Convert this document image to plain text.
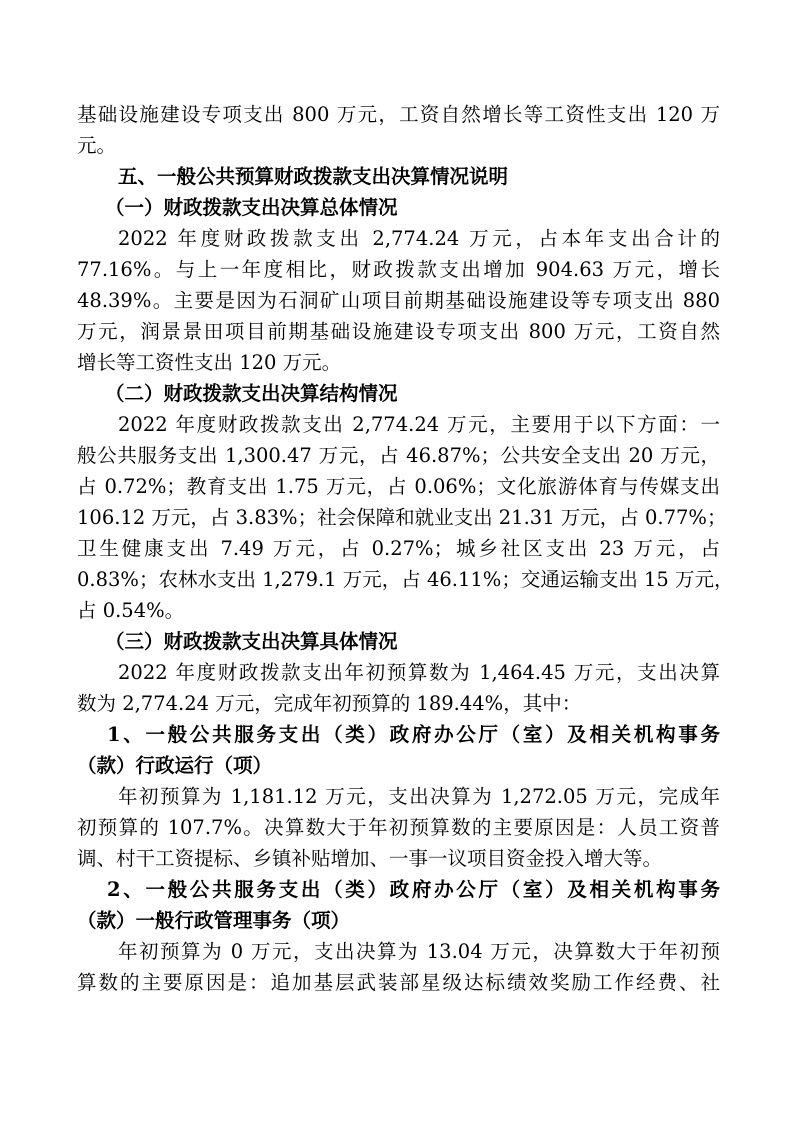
基础设施建设专项支出 800 万元，工资自然增长等工资性支出 120 万
元。
五、一般公共预算财政拨款支出决算情况说明
（一）财政拨款支出决算总体情况
2022 年度财政拨款支出 2,774.24 万元，占本年支出合计的
77.16%。与上一年度相比，财政拨款支出增加 904.63 万元，增长
48.39%。主要是因为石洞矿山项目前期基础设施建设等专项支出 880
万元，润景景田项目前期基础设施建设专项支出 800 万元，工资自然
增长等工资性支出 120 万元。
（二）财政拨款支出决算结构情况
2022 年度财政拨款支出 2,774.24 万元，主要用于以下方面：一
般公共服务支出 1,300.47 万元，占 46.87%；公共安全支出 20 万元，
占 0.72%；教育支出 1.75 万元，占 0.06%；文化旅游体育与传媒支出
106.12 万元，占 3.83%；社会保障和就业支出 21.31 万元，占 0.77%；
卫生健康支出 7.49 万元，占 0.27%；城乡社区支出 23 万元，占
0.83%；农林水支出 1,279.1 万元，占 46.11%；交通运输支出 15 万元，
占 0.54%。
（三）财政拨款支出决算具体情况
2022 年度财政拨款支出年初预算数为 1,464.45 万元，支出决算
数为 2,774.24 万元，完成年初预算的 189.44%，其中：
1、一般公共服务支出（类）政府办公厅（室）及相关机构事务
（款）行政运行（项）
年初预算为 1,181.12 万元，支出决算为 1,272.05 万元，完成年
初预算的 107.7%。决算数大于年初预算数的主要原因是：人员工资普
调、村干工资提标、乡镇补贴增加、一事一议项目资金投入增大等。
2、一般公共服务支出（类）政府办公厅（室）及相关机构事务
（款）一般行政管理事务（项）
年初预算为 0 万元，支出决算为 13.04 万元，决算数大于年初预
算数的主要原因是：追加基层武装部星级达标绩效奖励工作经费、社
